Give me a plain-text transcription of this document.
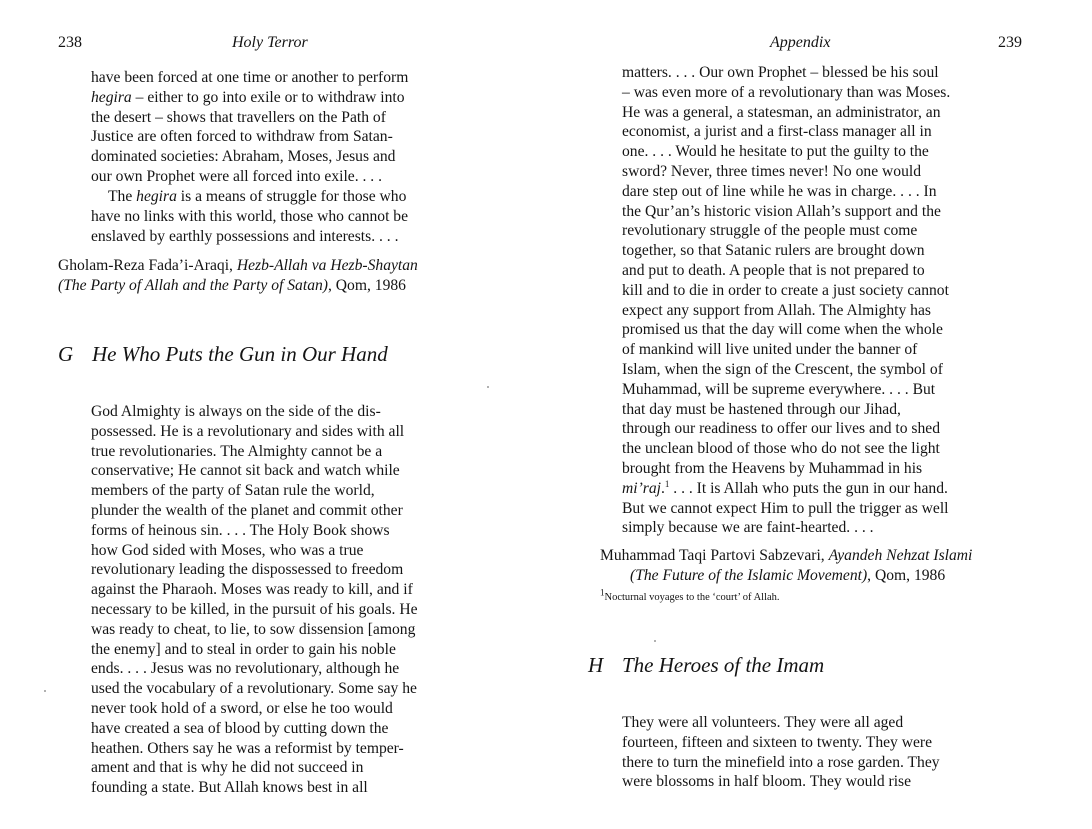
238	Holy Terror
have been forced at one time or another to perform
hegira – either to go into exile or to withdraw into
the desert – shows that travellers on the Path of
Justice are often forced to withdraw from Satan-
dominated societies: Abraham, Moses, Jesus and
our own Prophet were all forced into exile. . . .
The hegira is a means of struggle for those who
have no links with this world, those who cannot be
enslaved by earthly possessions and interests. . . .
Gholam-Reza Fada’i-Araqi, Hezb-Allah va Hezb-Shaytan
(The Party of Allah and the Party of Satan), Qom, 1986
G He Who Puts the Gun in Our Hand
God Almighty is always on the side of the dis-
possessed. He is a revolutionary and sides with all
true revolutionaries. The Almighty cannot be a
conservative; He cannot sit back and watch while
members of the party of Satan rule the world,
plunder the wealth of the planet and commit other
forms of heinous sin. . . . The Holy Book shows
how God sided with Moses, who was a true
revolutionary leading the dispossessed to freedom
against the Pharaoh. Moses was ready to kill, and if
necessary to be killed, in the pursuit of his goals. He
was ready to cheat, to lie, to sow dissension [among
the enemy] and to steal in order to gain his noble
ends. . . . Jesus was no revolutionary, although he
used the vocabulary of a revolutionary. Some say he
never took hold of a sword, or else he too would
have created a sea of blood by cutting down the
heathen. Others say he was a reformist by temper-
ament and that is why he did not succeed in
founding a state. But Allah knows best in all
Appendix	239
matters. . . . Our own Prophet – blessed be his soul
– was even more of a revolutionary than was Moses.
He was a general, a statesman, an administrator, an
economist, a jurist and a first-class manager all in
one. . . . Would he hesitate to put the guilty to the
sword? Never, three times never! No one would
dare step out of line while he was in charge. . . . In
the Qur’an’s historic vision Allah’s support and the
revolutionary struggle of the people must come
together, so that Satanic rulers are brought down
and put to death. A people that is not prepared to
kill and to die in order to create a just society cannot
expect any support from Allah. The Almighty has
promised us that the day will come when the whole
of mankind will live united under the banner of
Islam, when the sign of the Crescent, the symbol of
Muhammad, will be supreme everywhere. . . . But
that day must be hastened through our Jihad,
through our readiness to offer our lives and to shed
the unclean blood of those who do not see the light
brought from the Heavens by Muhammad in his
mi’raj.$^1$ . . . It is Allah who puts the gun in our hand.
But we cannot expect Him to pull the trigger as well
simply because we are faint-hearted. . . .
Muhammad Taqi Partovi Sabzevari, Ayandeh Nehzat Islami
(The Future of the Islamic Movement), Qom, 1986
$^1$Nocturnal voyages to the ‘court’ of Allah.
H The Heroes of the Imam
They were all volunteers. They were all aged
fourteen, fifteen and sixteen to twenty. They were
there to turn the minefield into a rose garden. They
were blossoms in half bloom. They would rise
